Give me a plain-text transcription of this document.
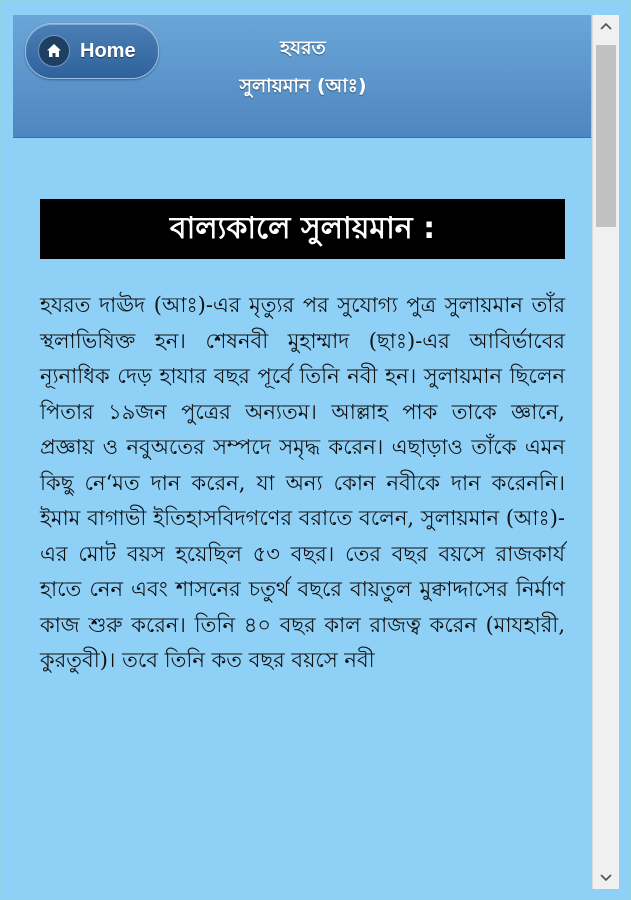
Home	হযরত
সুলায়মান (আঃ)
বাল্যকালে সুলায়মান :
হযরত দাঊদ (আঃ)-এর মৃত্যুর পর সুযোগ্য পুত্র সুলায়মান তাঁর স্থলাভিষিক্ত হন। শেষনবী মুহাম্মাদ (ছাঃ)-এর আবির্ভাবের ন্যূনাধিক দেড় হাযার বছর পূর্বে তিনি নবী হন। সুলায়মান ছিলেন পিতার ১৯জন পুত্রের অন্যতম। আল্লাহ পাক তাকে জ্ঞানে, প্রজ্ঞায় ও নবুঅতের সম্পদে সমৃদ্ধ করেন। এছাড়াও তাঁকে এমন কিছু নে‘মত দান করেন, যা অন্য কোন নবীকে দান করেননি। ইমাম বাগাভী ইতিহাসবিদগণের বরাতে বলেন, সুলায়মান (আঃ)-এর মোট বয়স হয়েছিল ৫৩ বছর। তের বছর বয়সে রাজকার্য হাতে নেন এবং শাসনের চতুর্থ বছরে বায়তুল মুক্বাদ্দাসের নির্মাণ কাজ শুরু করেন। তিনি ৪০ বছর কাল রাজত্ব করেন (মাযহারী, কুরতুবী)। তবে তিনি কত বছর বয়সে নবী
